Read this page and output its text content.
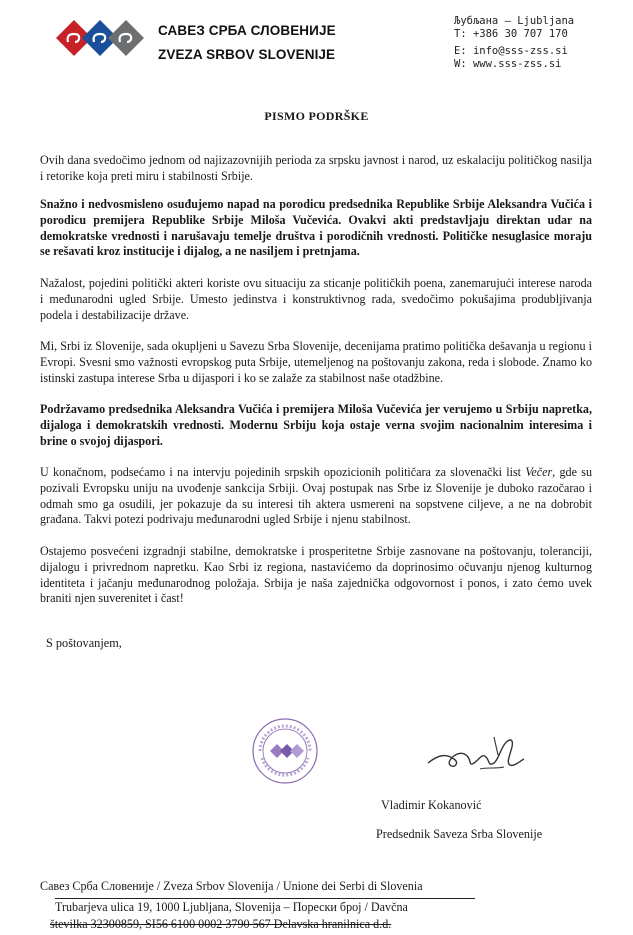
САВЕЗ СРБА СЛОВЕНИЈЕ
ZVEZA SRBOV SLOVENIJE
Љубљана – Ljubljana
T: +386 30 707 170
E: info@sss-zss.si
W: www.sss-zss.si
PISMO PODRŠKE

Ovih dana svedočimo jednom od najizazovnijih perioda za srpsku javnost i narod, uz eskalaciju političkog nasilja i retorike koja preti miru i stabilnosti Srbije.

Snažno i nedvosmisleno osuđujemo napad na porodicu predsednika Republike Srbije Aleksandra Vučića i porodicu premijera Republike Srbije Miloša Vučevića. Ovakvi akti predstavljaju direktan udar na demokratske vrednosti i narušavaju temelje društva i porodičnih vrednosti. Političke nesuglasice moraju se rešavati kroz institucije i dijalog, a ne nasiljem i pretnjama.

Nažalost, pojedini politički akteri koriste ovu situaciju za sticanje političkih poena, zanemarujući interese naroda i međunarodni ugled Srbije. Umesto jedinstva i konstruktivnog rada, svedočimo pokušajima produbljivanja podela i destabilizacije države.

Mi, Srbi iz Slovenije, sada okupljeni u Savezu Srba Slovenije, decenijama pratimo politička dešavanja u regionu i Evropi. Svesni smo važnosti evropskog puta Srbije, utemeljenog na poštovanju zakona, reda i slobode. Znamo ko istinski zastupa interese Srba u dijaspori i ko se zalaže za stabilnost naše otadžbine.

Podržavamo predsednika Aleksandra Vučića i premijera Miloša Vučevića jer verujemo u Srbiju napretka, dijaloga i demokratskih vrednosti. Modernu Srbiju koja ostaje verna svojim nacionalnim interesima i brine o svojoj dijaspori.

U konačnom, podsećamo i na intervju pojedinih srpskih opozicionih političara za slovenački list Večer, gde su pozivali Evropsku uniju na uvođenje sankcija Srbiji. Ovaj postupak nas Srbe iz Slovenije je duboko razočarao i odmah smo ga osudili, jer pokazuje da su interesi tih aktera usmereni na sopstvene ciljeve, a ne na dobrobit građana. Takvi potezi podrivaju međunarodni ugled Srbije i njenu stabilnost.

Ostajemo posvećeni izgradnji stabilne, demokratske i prosperitetne Srbije zasnovane na poštovanju, toleranciji, dijalogu i privrednom napretku. Kao Srbi iz regiona, nastavićemo da doprinosimo očuvanju njenog kulturnog identiteta i jačanju međunarodnog položaja. Srbija je naša zajednička odgovornost i ponos, i zato ćemo uvek braniti njen suverenitet i čast!

S poštovanjem,
Vladimir Kokanović
Predsednik Saveza Srba Slovenije
Савез Срба Словеније / Zveza Srbov Slovenija / Unione dei Serbi di Slovenia
Trubarjeva ulica 19, 1000 Ljubljana, Slovenija – Порески број / Davčna
številka 32300859, SI56 6100 0002 3790 567 Delavska hranilnica d.d.
